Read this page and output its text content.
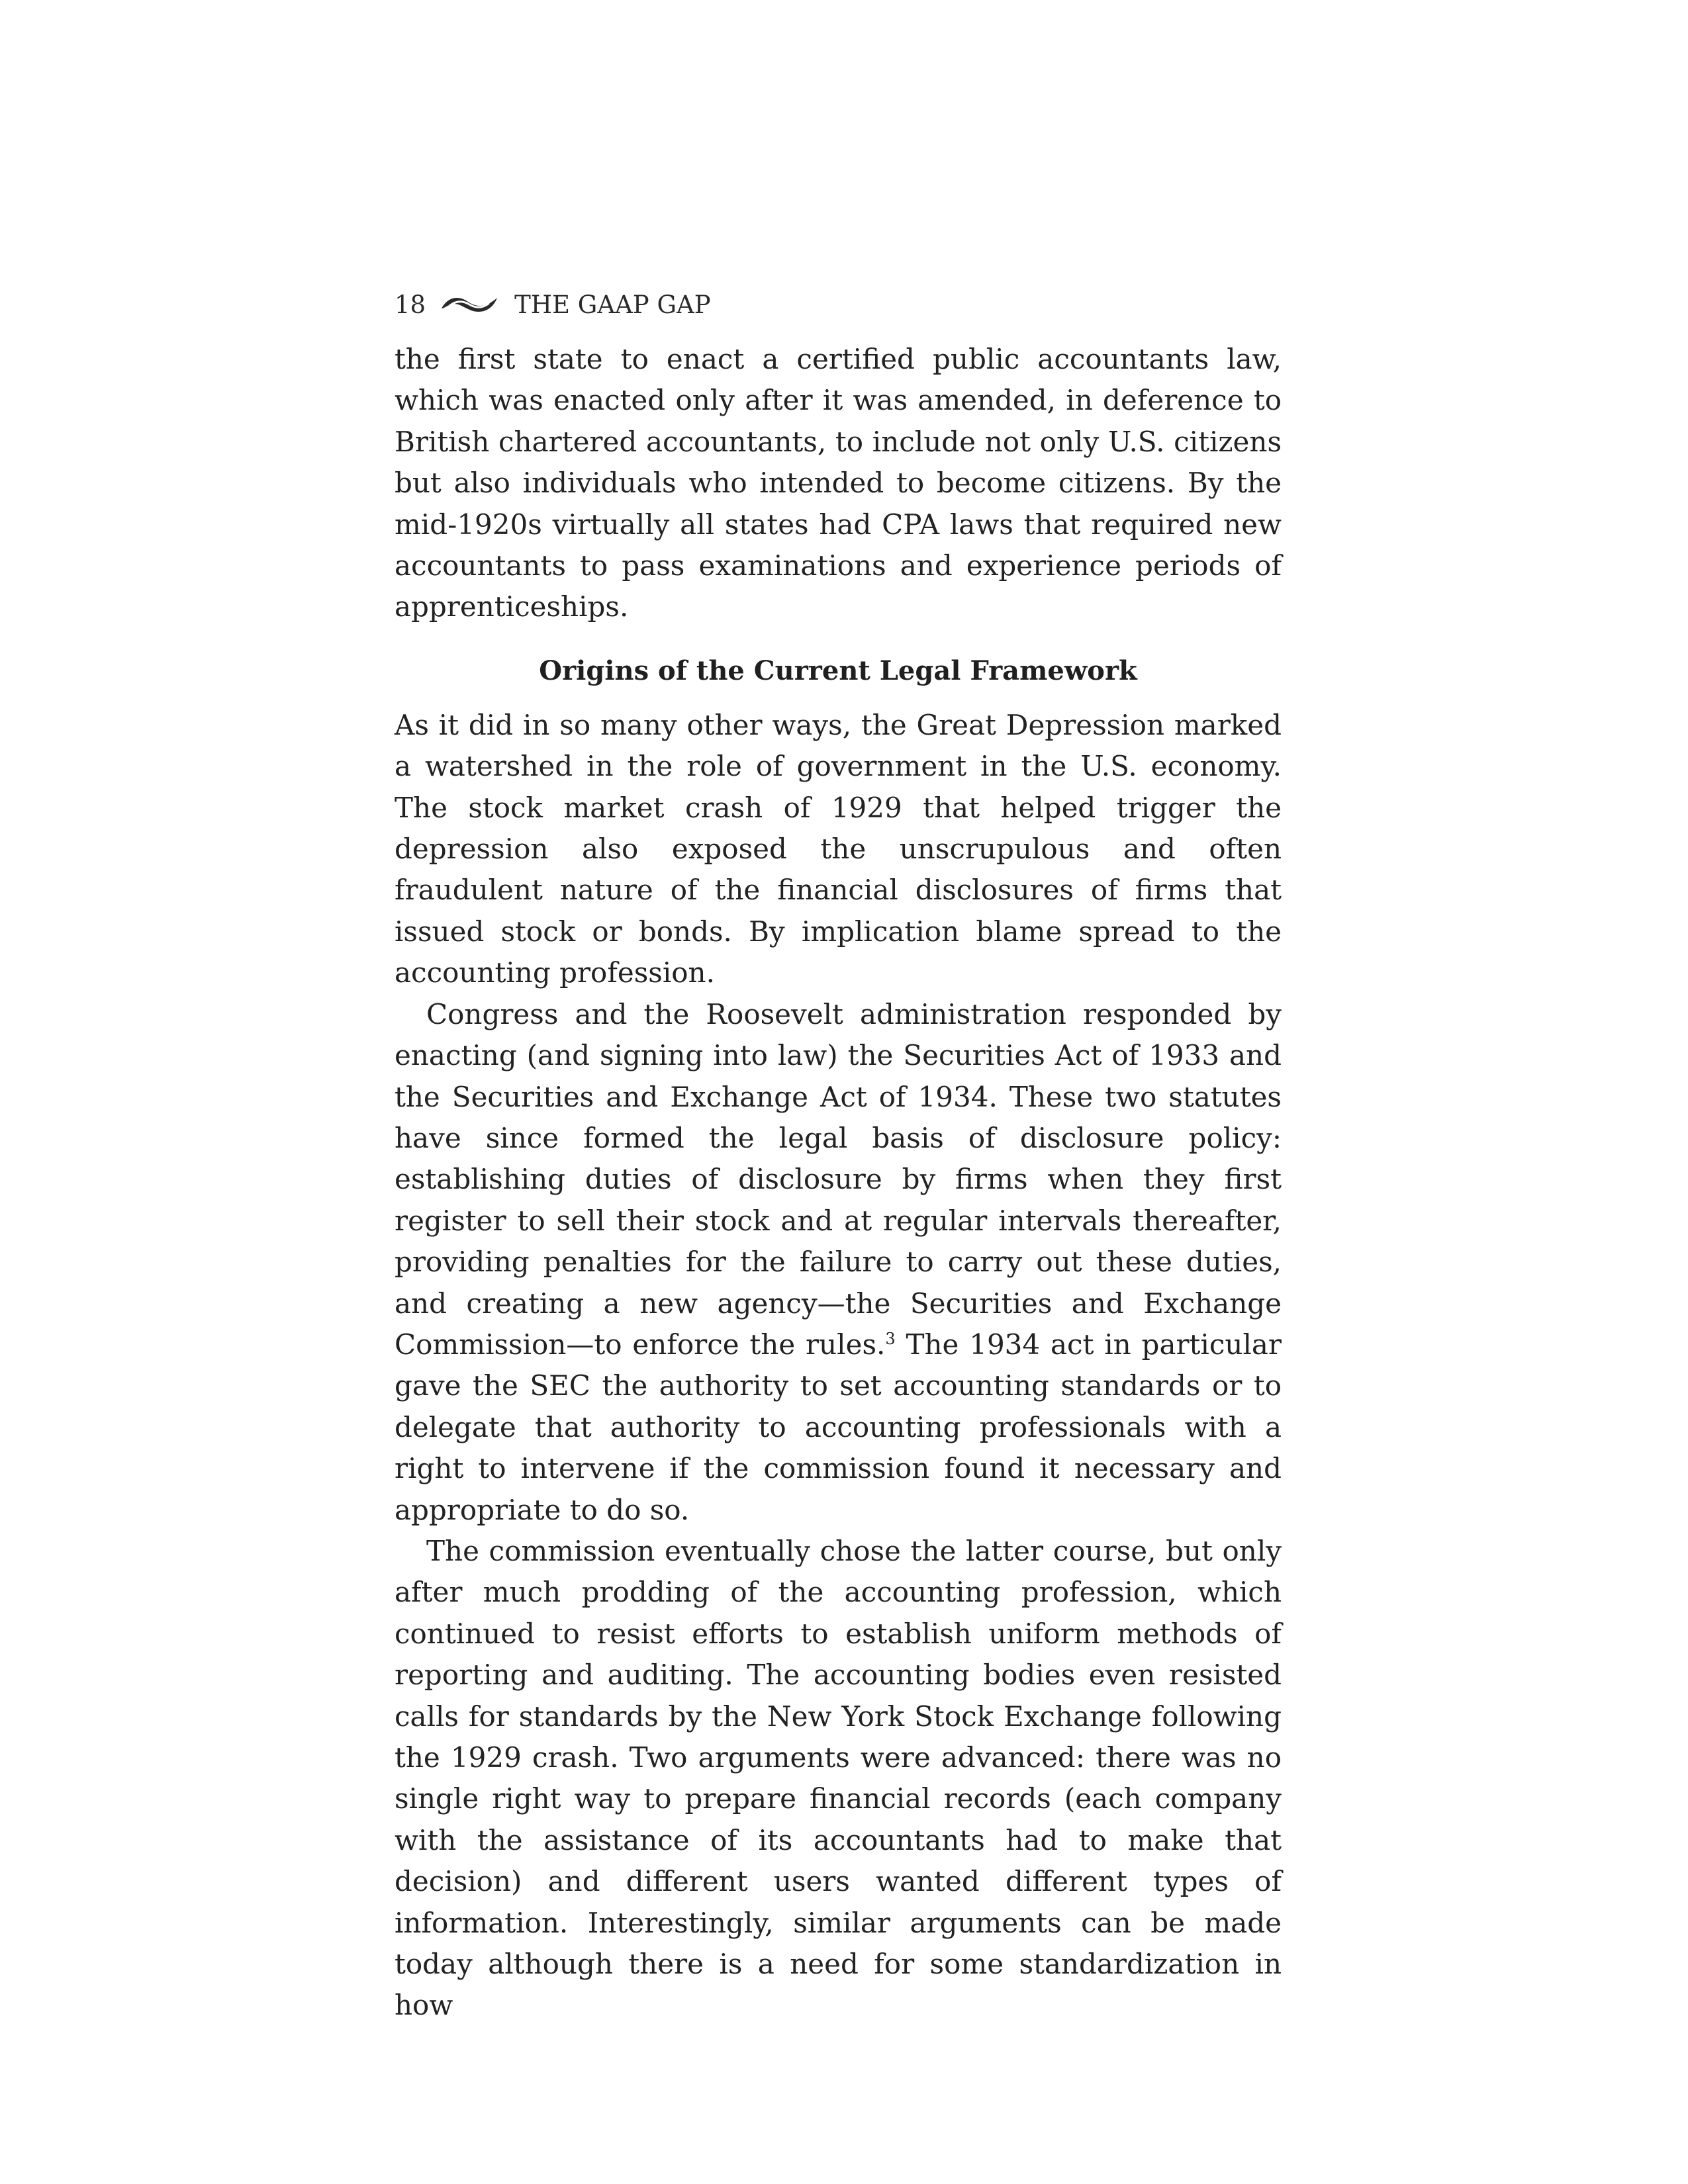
18	THE GAAP GAP

the first state to enact a certified public accountants law, which was enacted only after it was amended, in deference to British chartered accountants, to include not only U.S. citizens but also individuals who intended to become citizens. By the mid-1920s virtually all states had CPA laws that required new accountants to pass examinations and experience periods of apprenticeships.

Origins of the Current Legal Framework

As it did in so many other ways, the Great Depression marked a watershed in the role of government in the U.S. economy. The stock market crash of 1929 that helped trigger the depression also exposed the unscrupulous and often fraudulent nature of the financial disclosures of firms that issued stock or bonds. By implication blame spread to the accounting profession.

Congress and the Roosevelt administration responded by enacting (and signing into law) the Securities Act of 1933 and the Securities and Exchange Act of 1934. These two statutes have since formed the legal basis of disclosure policy: establishing duties of disclosure by firms when they first register to sell their stock and at regular intervals thereafter, providing penalties for the failure to carry out these duties, and creating a new agency—the Securities and Exchange Commission—to enforce the rules.$^3$ The 1934 act in particular gave the SEC the authority to set accounting standards or to delegate that authority to accounting professionals with a right to intervene if the commission found it necessary and appropriate to do so.

The commission eventually chose the latter course, but only after much prodding of the accounting profession, which continued to resist efforts to establish uniform methods of reporting and auditing. The accounting bodies even resisted calls for standards by the New York Stock Exchange following the 1929 crash. Two arguments were advanced: there was no single right way to prepare financial records (each company with the assistance of its accountants had to make that decision) and different users wanted different types of information. Interestingly, similar arguments can be made today although there is a need for some standardization in how
